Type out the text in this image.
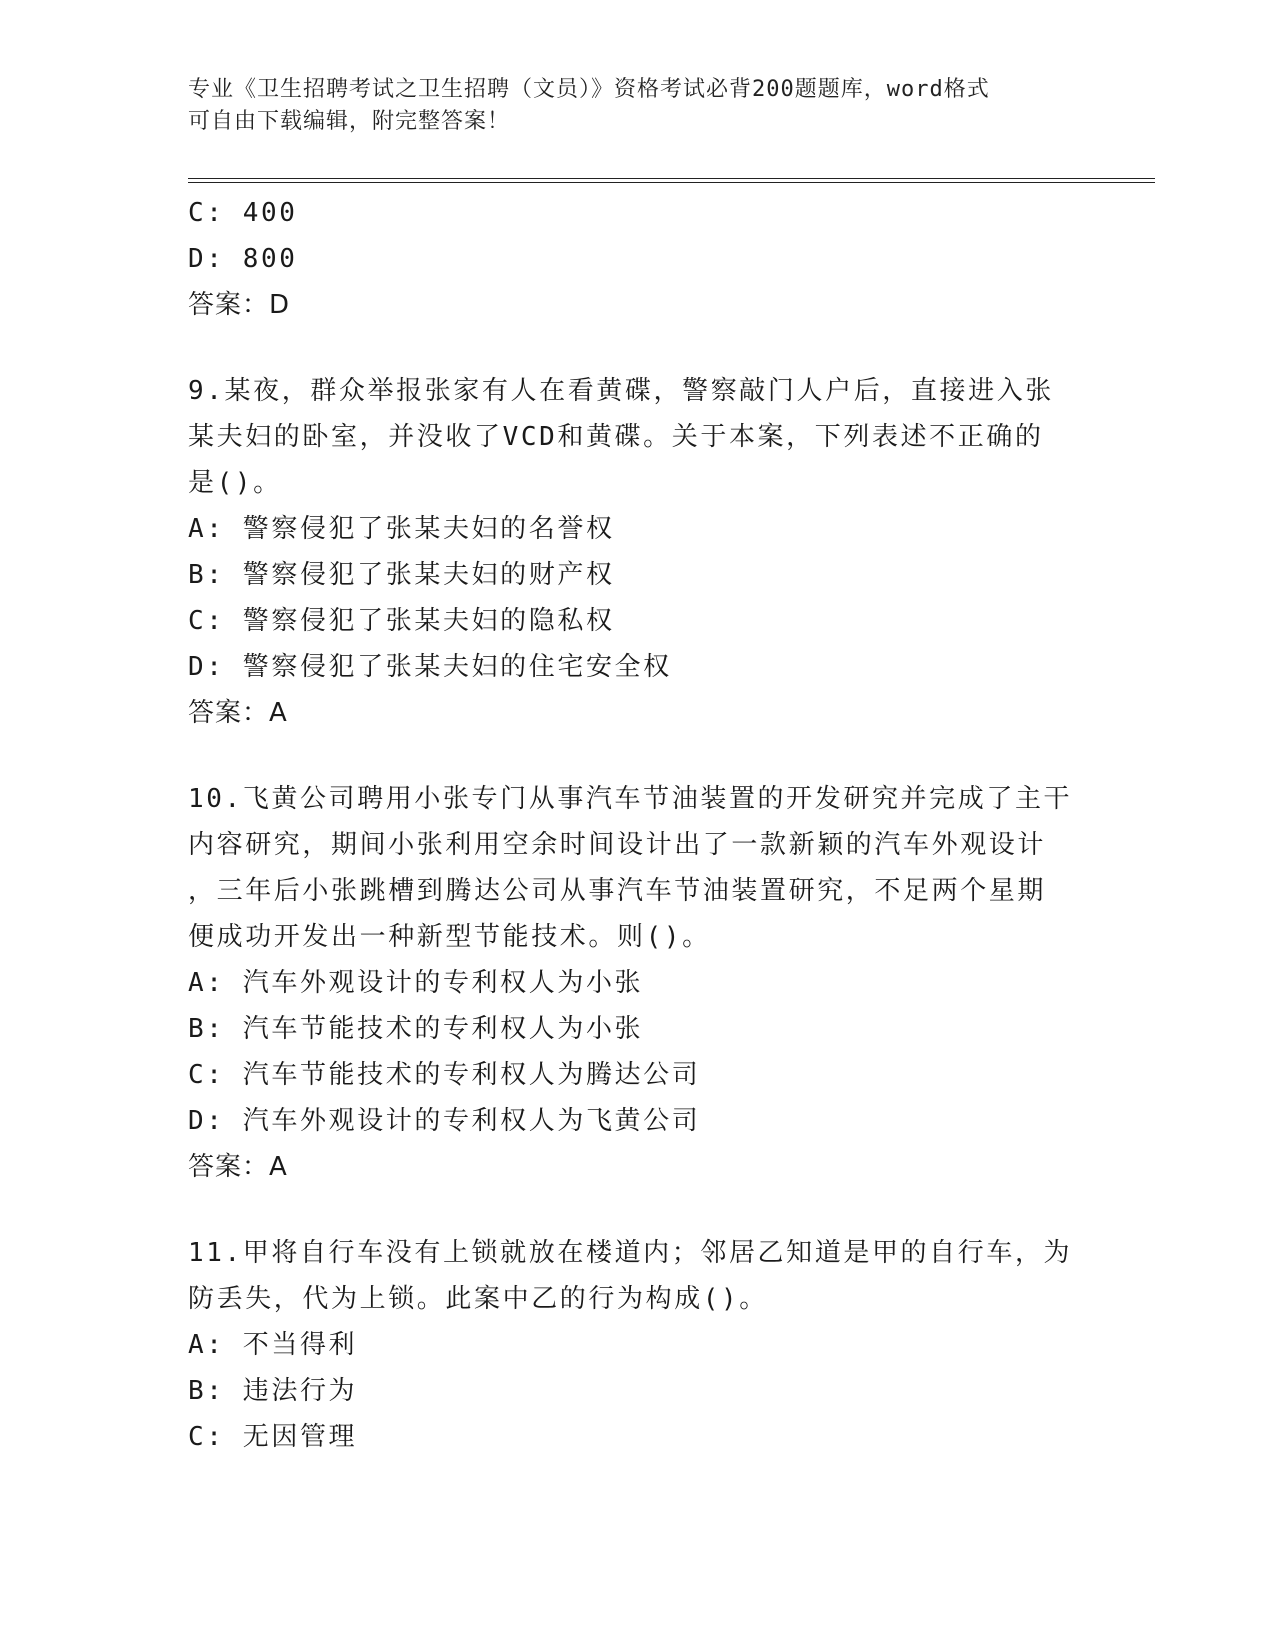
专业《卫生招聘考试之卫生招聘（文员）》资格考试必背200题题库，word格式
可自由下载编辑，附完整答案！
C: 400
D: 800
答案：D
9.某夜，群众举报张家有人在看黄碟，警察敲门人户后，直接进入张
某夫妇的卧室，并没收了VCD和黄碟。关于本案，下列表述不正确的
是()。
A: 警察侵犯了张某夫妇的名誉权
B: 警察侵犯了张某夫妇的财产权
C: 警察侵犯了张某夫妇的隐私权
D: 警察侵犯了张某夫妇的住宅安全权
答案：A
10.飞黄公司聘用小张专门从事汽车节油装置的开发研究并完成了主干
内容研究，期间小张利用空余时间设计出了一款新颖的汽车外观设计
，三年后小张跳槽到腾达公司从事汽车节油装置研究，不足两个星期
便成功开发出一种新型节能技术。则()。
A: 汽车外观设计的专利权人为小张
B: 汽车节能技术的专利权人为小张
C: 汽车节能技术的专利权人为腾达公司
D: 汽车外观设计的专利权人为飞黄公司
答案：A
11.甲将自行车没有上锁就放在楼道内；邻居乙知道是甲的自行车，为
防丢失，代为上锁。此案中乙的行为构成()。
A: 不当得利
B: 违法行为
C: 无因管理
